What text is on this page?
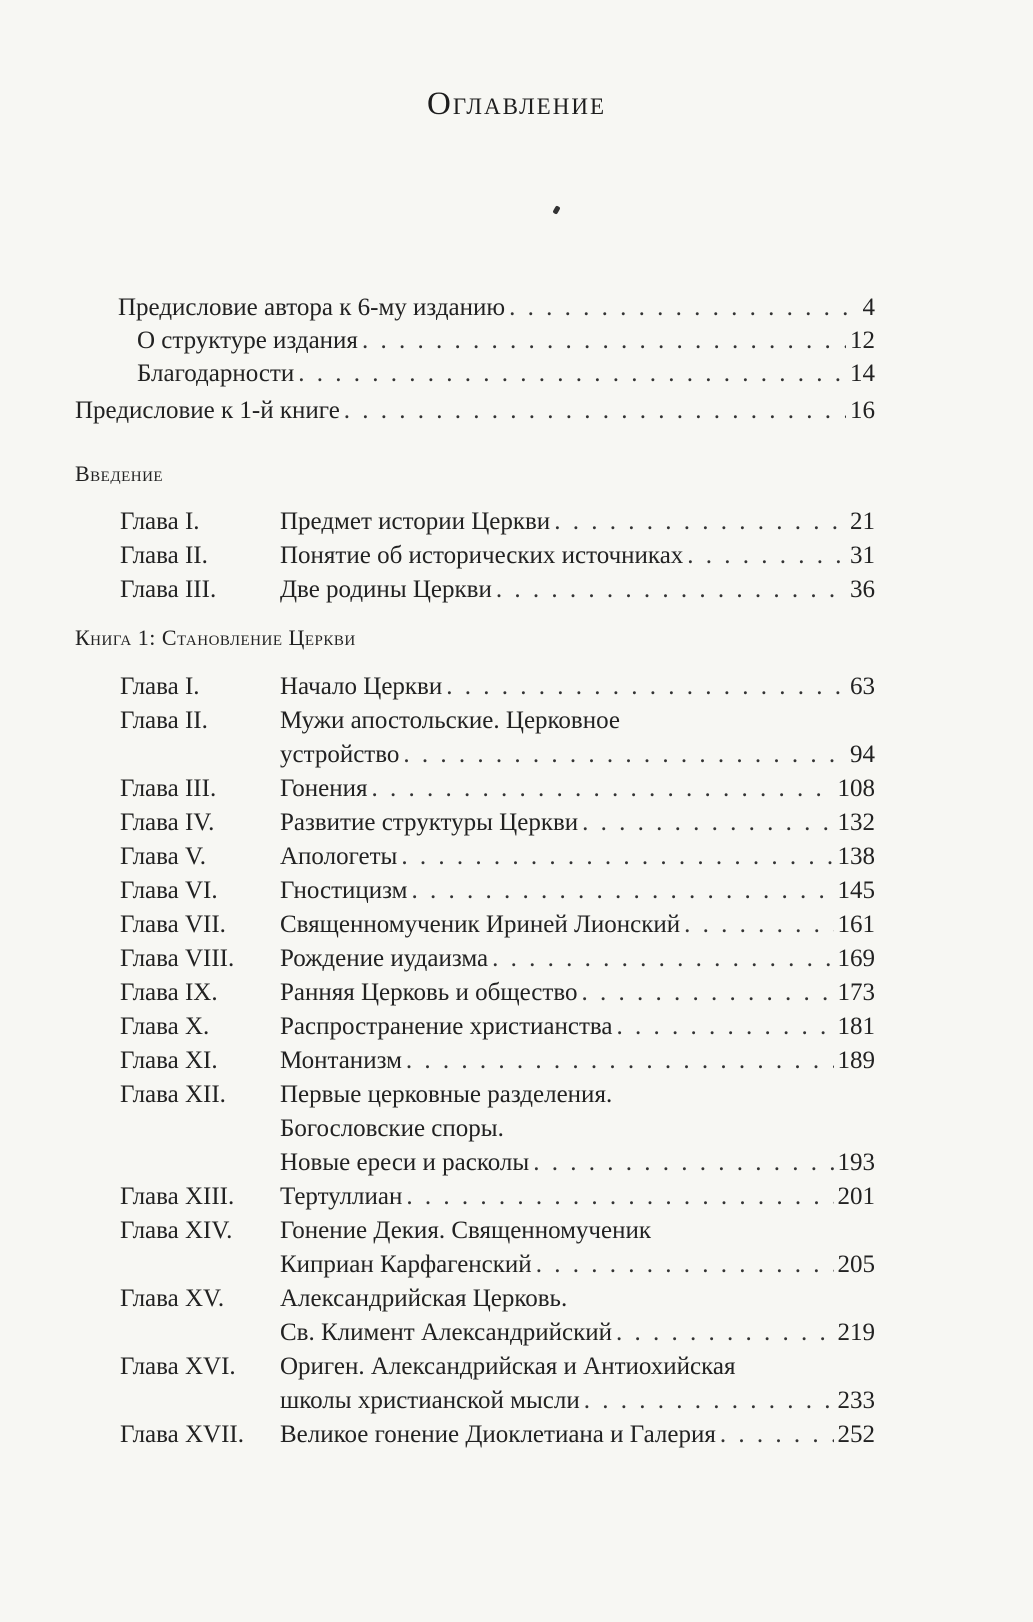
Оглавление
Предисловие автора к 6-му изданию . . .	4
О структуре издания . . .	12
Благодарности . . .	14
Предисловие к 1-й книге . . .	16
Введение
Глава I.	Предмет истории Церкви . . .	21
Глава II.	Понятие об исторических источниках . . .	31
Глава III.	Две родины Церкви . . .	36
Книга 1: Становление Церкви
Глава I.	Начало Церкви . . .	63
Глава II.	Мужи апостольские. Церковное
устройство . . .	94
Глава III.	Гонения . . .	108
Глава IV.	Развитие структуры Церкви . . .	132
Глава V.	Апологеты . . .	138
Глава VI. Гностицизм . . .	145
Глава VII. Священномученик Ириней Лионский . . .	161
Глава VIII. Рождение иудаизма . . .	169
Глава IX. Ранняя Церковь и общество . . .	173
Глава X.	Распространение христианства . . .	181
Глава XI. Монтанизм . . .	189
Глава XII. Первые церковные разделения.
Богословские споры.
Новые ереси и расколы . . .	193
Глава XIII. Тертуллиан . . .	201
Глава XIV. Гонение Декия. Священномученик
Киприан Карфагенский . . .	205
Глава XV. Александрийская Церковь.
Св. Климент Александрийский . . .	219
Глава XVI. Ориген. Александрийская и Антиохийская
школы христианской мысли . . .	233
Глава XVII. Великое гонение Диоклетиана и Галерия . . .	252
